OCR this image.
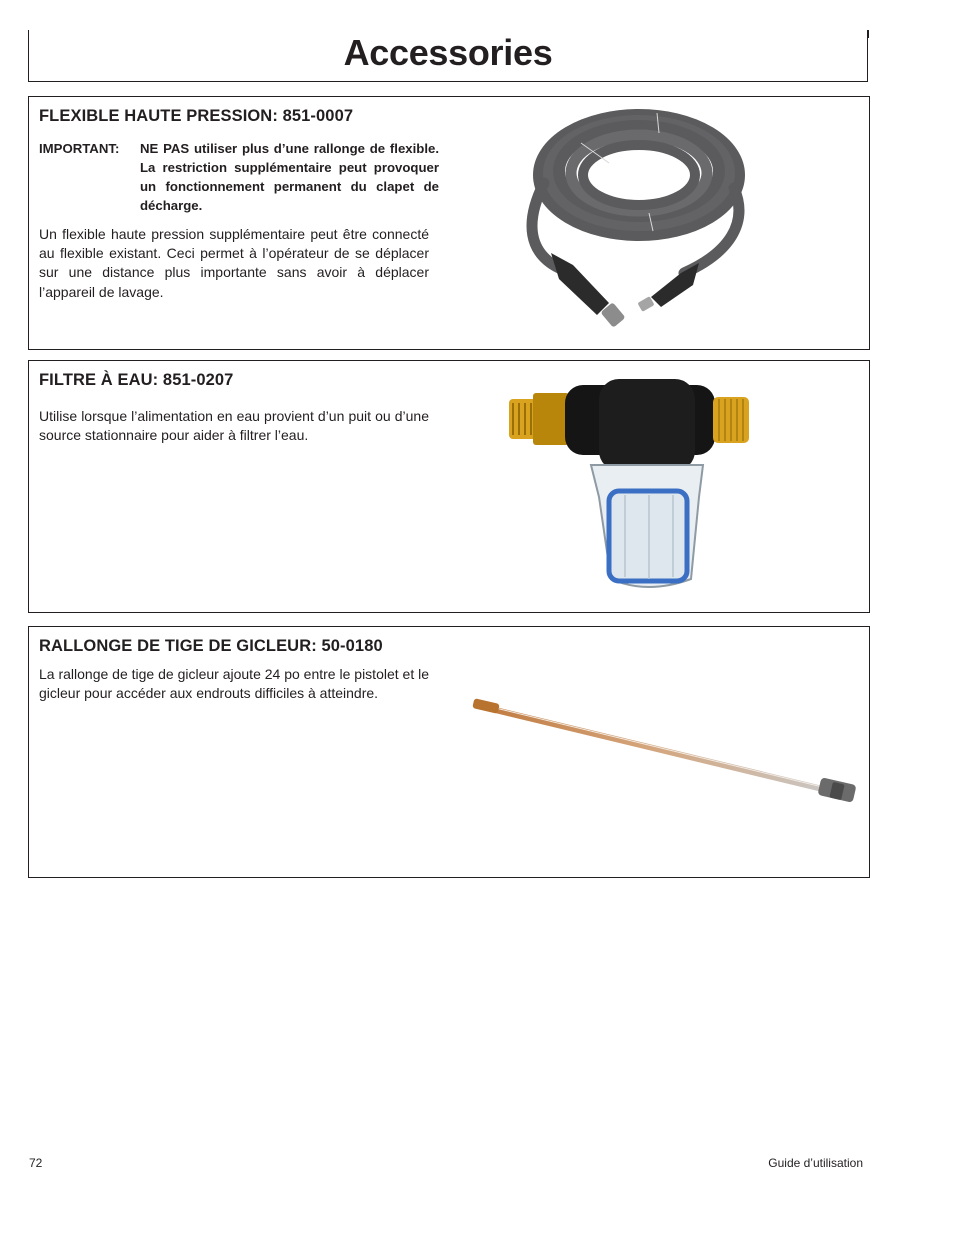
Accessories
FLEXIBLE HAUTE PRESSION: 851-0007
IMPORTANT: NE PAS utiliser plus d’une rallonge de flexible. La restriction supplémentaire peut provoquer un fonctionnement permanent du clapet de décharge.

Un flexible haute pression supplémentaire peut être connecté au flexible existant. Ceci permet à l’opérateur de se déplacer sur une distance plus importante sans avoir à déplacer l’appareil de lavage.

FILTRE À EAU: 851-0207

Utilise lorsque l’alimentation en eau provient d’un puit ou d’une source stationnaire pour aider à filtrer l’eau.

RALLONGE DE TIGE DE GICLEUR: 50-0180

La rallonge de tige de gicleur ajoute 24 po entre le pistolet et le gicleur pour accéder aux endrouts difficiles à atteindre.

72	Guide d’utilisation
